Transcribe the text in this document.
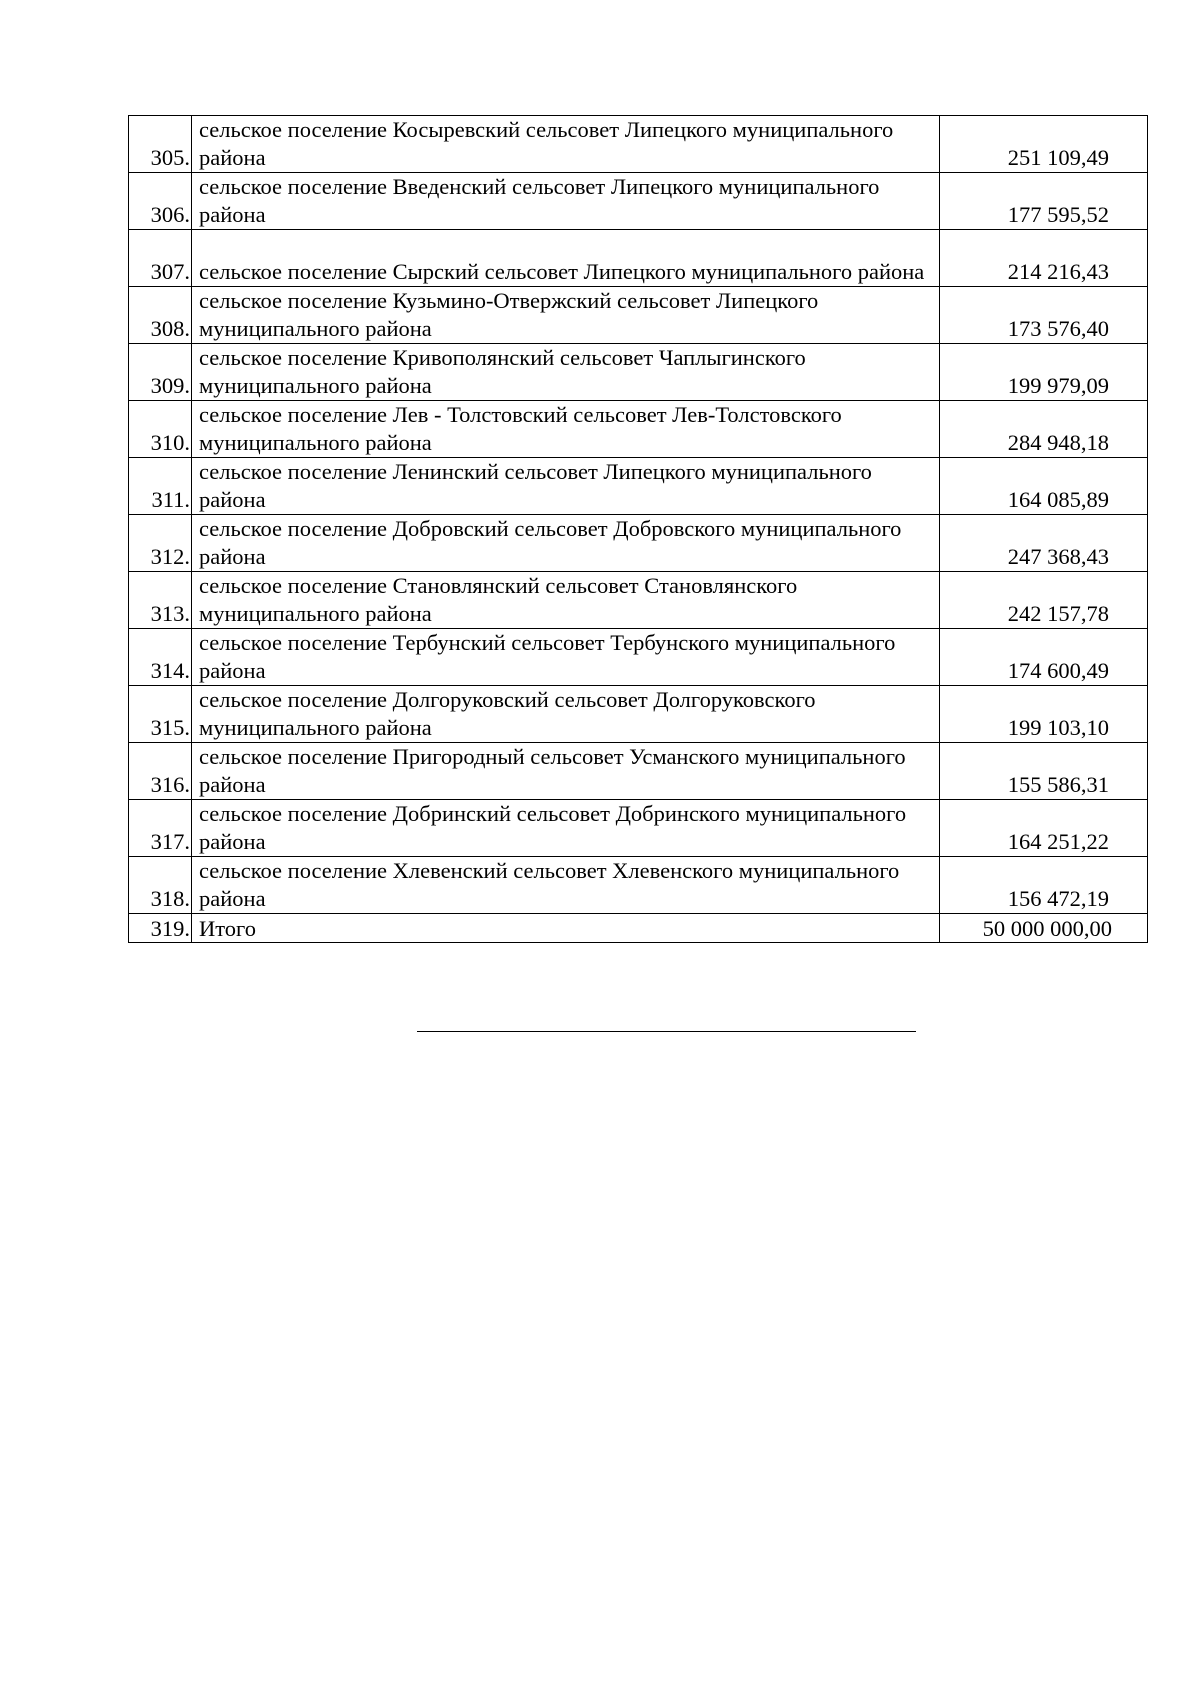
305.	сельское поселение Косыревский сельсовет Липецкого муниципального района	251 109,49
306.	сельское поселение Введенский сельсовет Липецкого муниципального района	177 595,52
307.	сельское поселение Сырский сельсовет Липецкого муниципального района	214 216,43
308.	сельское поселение Кузьмино-Отвержский сельсовет Липецкого муниципального района	173 576,40
309.	сельское поселение Кривополянский сельсовет Чаплыгинского муниципального района	199 979,09
310.	сельское поселение Лев - Толстовский сельсовет Лев-Толстовского муниципального района	284 948,18
311.	сельское поселение Ленинский сельсовет Липецкого муниципального района	164 085,89
312.	сельское поселение Добровский сельсовет Добровского муниципального района	247 368,43
313.	сельское поселение Становлянский сельсовет Становлянского муниципального района	242 157,78
314.	сельское поселение Тербунский сельсовет Тербунского муниципального района	174 600,49
315.	сельское поселение Долгоруковский сельсовет Долгоруковского муниципального района	199 103,10
316.	сельское поселение Пригородный сельсовет Усманского муниципального района	155 586,31
317.	сельское поселение Добринский сельсовет Добринского муниципального района	164 251,22
318.	сельское поселение Хлевенский сельсовет Хлевенского муниципального района	156 472,19
319.	Итого	50 000 000,00
